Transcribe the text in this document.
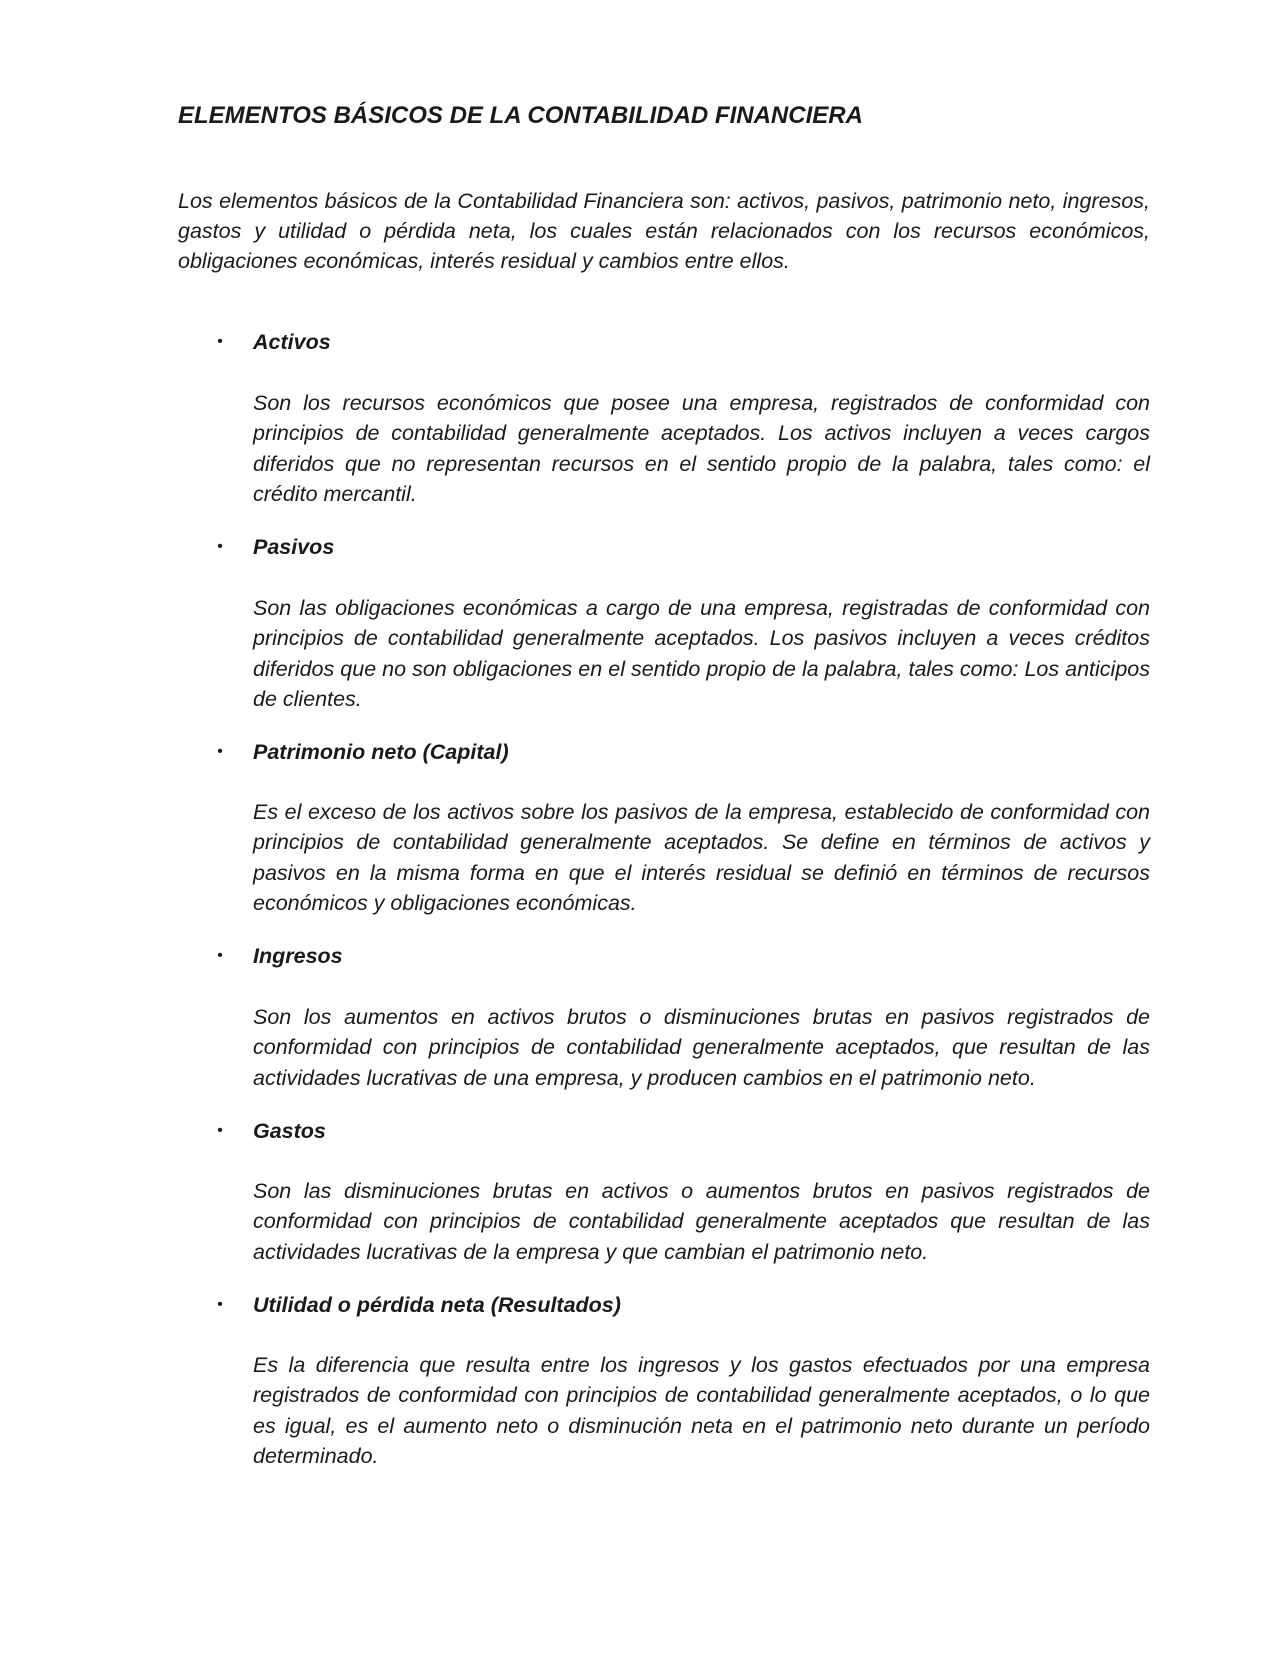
ELEMENTOS BÁSICOS DE LA CONTABILIDAD FINANCIERA

Los elementos básicos de la Contabilidad Financiera son: activos, pasivos, patrimonio neto, ingresos, gastos y utilidad o pérdida neta, los cuales están relacionados con los recursos económicos, obligaciones económicas, interés residual y cambios entre ellos.

• Activos

Son los recursos económicos que posee una empresa, registrados de conformidad con principios de contabilidad generalmente aceptados. Los activos incluyen a veces cargos diferidos que no representan recursos en el sentido propio de la palabra, tales como: el crédito mercantil.

• Pasivos

Son las obligaciones económicas a cargo de una empresa, registradas de conformidad con principios de contabilidad generalmente aceptados. Los pasivos incluyen a veces créditos diferidos que no son obligaciones en el sentido propio de la palabra, tales como: Los anticipos de clientes.

• Patrimonio neto (Capital)

Es el exceso de los activos sobre los pasivos de la empresa, establecido de conformidad con principios de contabilidad generalmente aceptados. Se define en términos de activos y pasivos en la misma forma en que el interés residual se definió en términos de recursos económicos y obligaciones económicas.

• Ingresos

Son los aumentos en activos brutos o disminuciones brutas en pasivos registrados de conformidad con principios de contabilidad generalmente aceptados, que resultan de las actividades lucrativas de una empresa, y producen cambios en el patrimonio neto.

• Gastos

Son las disminuciones brutas en activos o aumentos brutos en pasivos registrados de conformidad con principios de contabilidad generalmente aceptados que resultan de las actividades lucrativas de la empresa y que cambian el patrimonio neto.

• Utilidad o pérdida neta (Resultados)

Es la diferencia que resulta entre los ingresos y los gastos efectuados por una empresa registrados de conformidad con principios de contabilidad generalmente aceptados, o lo que es igual, es el aumento neto o disminución neta en el patrimonio neto durante un período determinado.
